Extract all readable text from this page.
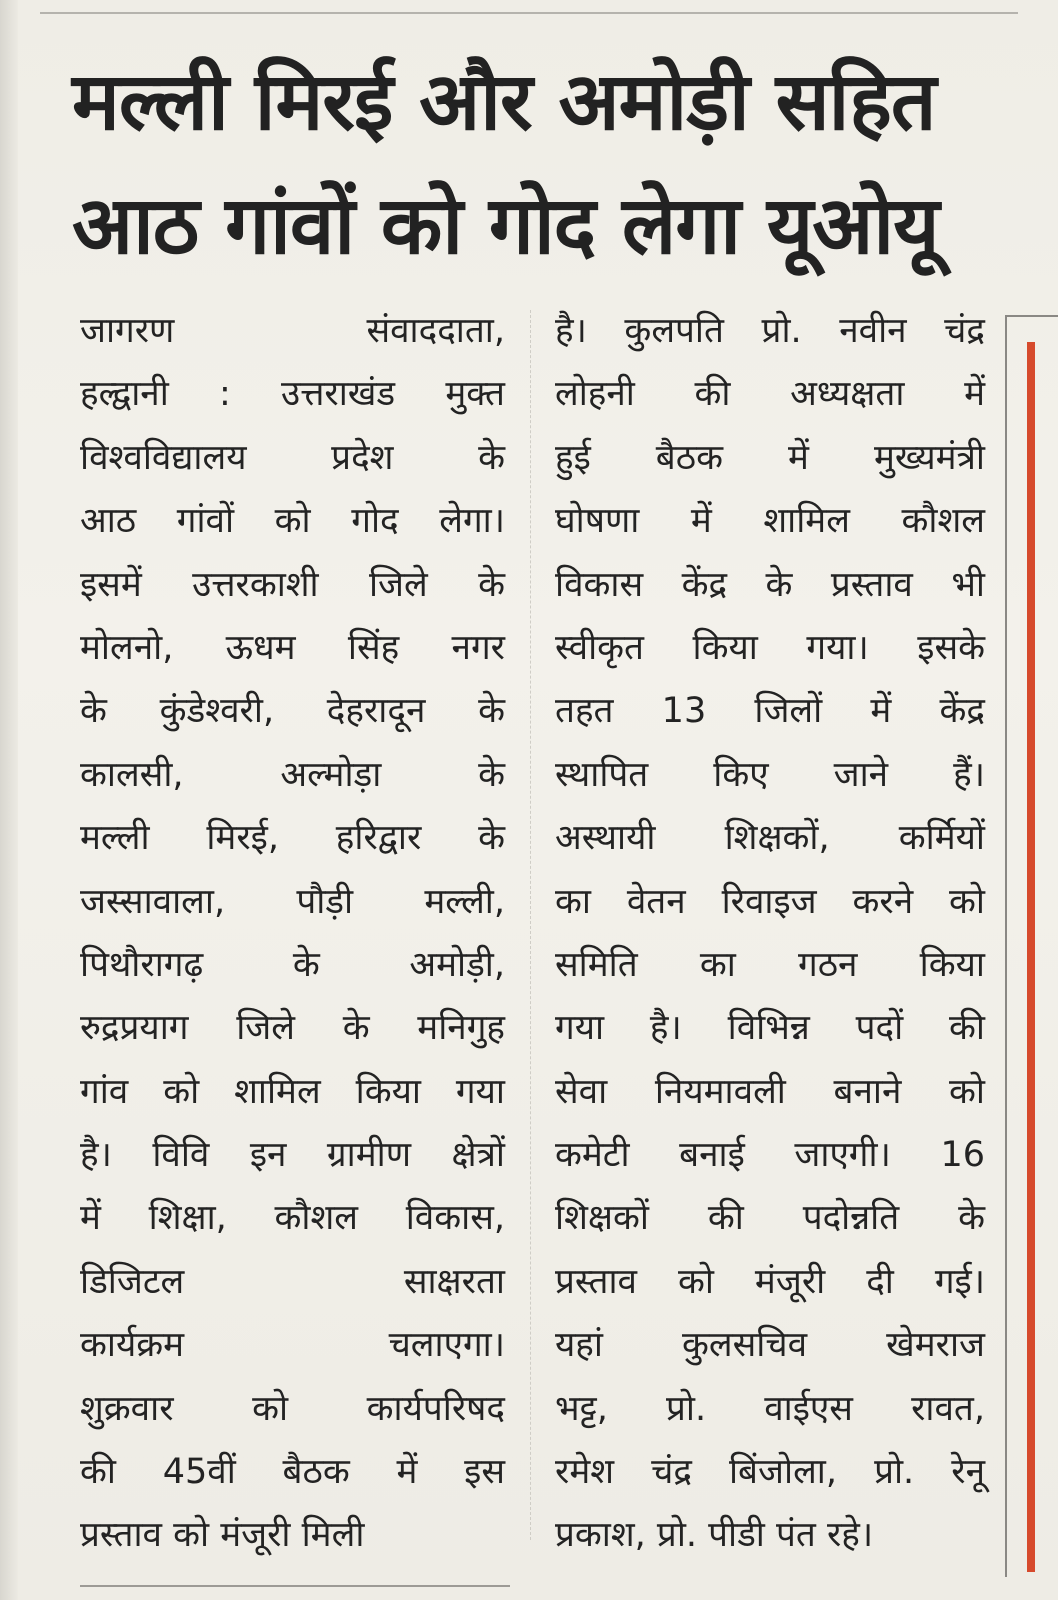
मल्ली मिरई और अमोड़ी सहित
आठ गांवों को गोद लेगा यूओयू
जागरण संवाददाता,
हल्द्वानी : उत्तराखंड मुक्त
विश्वविद्यालय प्रदेश के
आठ गांवों को गोद लेगा।
इसमें उत्तरकाशी जिले के
मोलनो, ऊधम सिंह नगर
के कुंडेश्वरी, देहरादून के
कालसी, अल्मोड़ा के
मल्ली मिरई, हरिद्वार के
जस्सावाला, पौड़ी मल्ली,
पिथौरागढ़ के अमोड़ी,
रुद्रप्रयाग जिले के मनिगुह
गांव को शामिल किया गया
है। विवि इन ग्रामीण क्षेत्रों
में शिक्षा, कौशल विकास,
डिजिटल साक्षरता
कार्यक्रम चलाएगा।
शुक्रवार को कार्यपरिषद
की 45वीं बैठक में इस
प्रस्ताव को मंजूरी मिली
है। कुलपति प्रो. नवीन चंद्र
लोहनी की अध्यक्षता में
हुई बैठक में मुख्यमंत्री
घोषणा में शामिल कौशल
विकास केंद्र के प्रस्ताव भी
स्वीकृत किया गया। इसके
तहत 13 जिलों में केंद्र
स्थापित किए जाने हैं।
अस्थायी शिक्षकों, कर्मियों
का वेतन रिवाइज करने को
समिति का गठन किया
गया है। विभिन्न पदों की
सेवा नियमावली बनाने को
कमेटी बनाई जाएगी। 16
शिक्षकों की पदोन्नति के
प्रस्ताव को मंजूरी दी गई।
यहां कुलसचिव खेमराज
भट्ट, प्रो. वाईएस रावत,
रमेश चंद्र बिंजोला, प्रो. रेनू
प्रकाश, प्रो. पीडी पंत रहे।
